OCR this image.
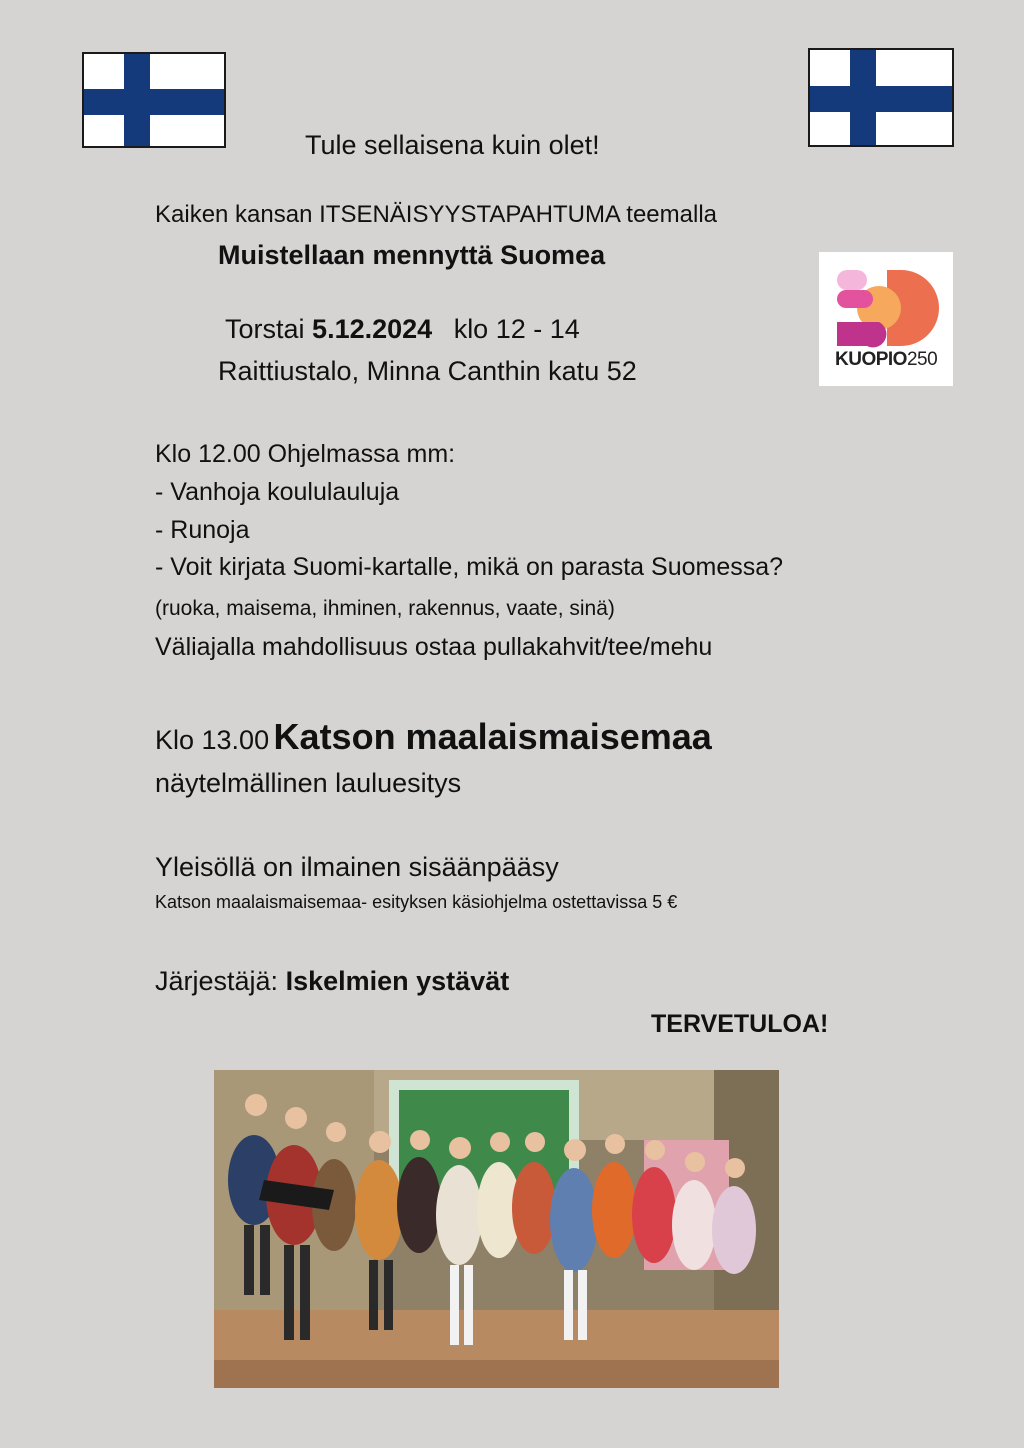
Tule sellaisena kuin olet!
Kaiken kansan ITSENÄISYYSTAPAHTUMA teemalla
Muistellaan mennyttä Suomea
Torstai 5.12.2024 klo 12 - 14
Raittiustalo, Minna Canthin katu 52	KUOPIO250
Klo 12.00 Ohjelmassa mm:
- Vanhoja koululauluja
- Runoja
- Voit kirjata Suomi-kartalle, mikä on parasta Suomessa?
(ruoka, maisema, ihminen, rakennus, vaate, sinä)
Väliajalla mahdollisuus ostaa pullakahvit/tee/mehu
Klo 13.00 Katson maalaismaisemaa
näytelmällinen lauluesitys
Yleisöllä on ilmainen sisäänpääsy
Katson maalaismaisemaa- esityksen käsiohjelma ostettavissa 5 €
Järjestäjä: Iskelmien ystävät
TERVETULOA!
